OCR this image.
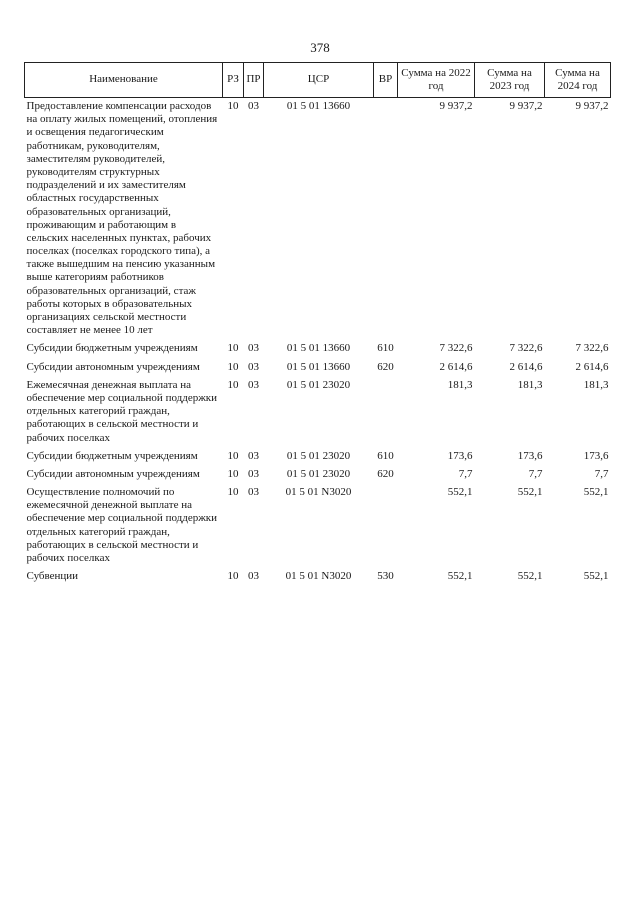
378
Наименование	РЗ	ПР	ЦСР	ВР	Сумма на 2022 год	Сумма на 2023 год	Сумма на 2024 год
Предоставление компенсации расходов на оплату жилых помещений, отопления и освещения педагогическим работникам, руководителям, заместителям руководителей, руководителям структурных подразделений и их заместителям областных государственных образовательных организаций, проживающим и работающим в сельских населенных пунктах, рабочих поселках (поселках городского типа), а также вышедшим на пенсию указанным выше категориям работников образовательных организаций, стаж работы которых в образовательных организациях сельской местности составляет не менее 10 лет	10	03	01 5 01 13660		9 937,2	9 937,2	9 937,2
Субсидии бюджетным учреждениям	10	03	01 5 01 13660	610	7 322,6	7 322,6	7 322,6
Субсидии автономным учреждениям	10	03	01 5 01 13660	620	2 614,6	2 614,6	2 614,6
Ежемесячная денежная выплата на обеспечение мер социальной поддержки отдельных категорий граждан, работающих в сельской местности и рабочих поселках	10	03	01 5 01 23020		181,3	181,3	181,3
Субсидии бюджетным учреждениям	10	03	01 5 01 23020	610	173,6	173,6	173,6
Субсидии автономным учреждениям	10	03	01 5 01 23020	620	7,7	7,7	7,7
Осуществление полномочий по ежемесячной денежной выплате на обеспечение мер социальной поддержки отдельных категорий граждан, работающих в сельской местности и рабочих поселках	10	03	01 5 01 N3020		552,1	552,1	552,1
Субвенции	10	03	01 5 01 N3020	530	552,1	552,1	552,1
